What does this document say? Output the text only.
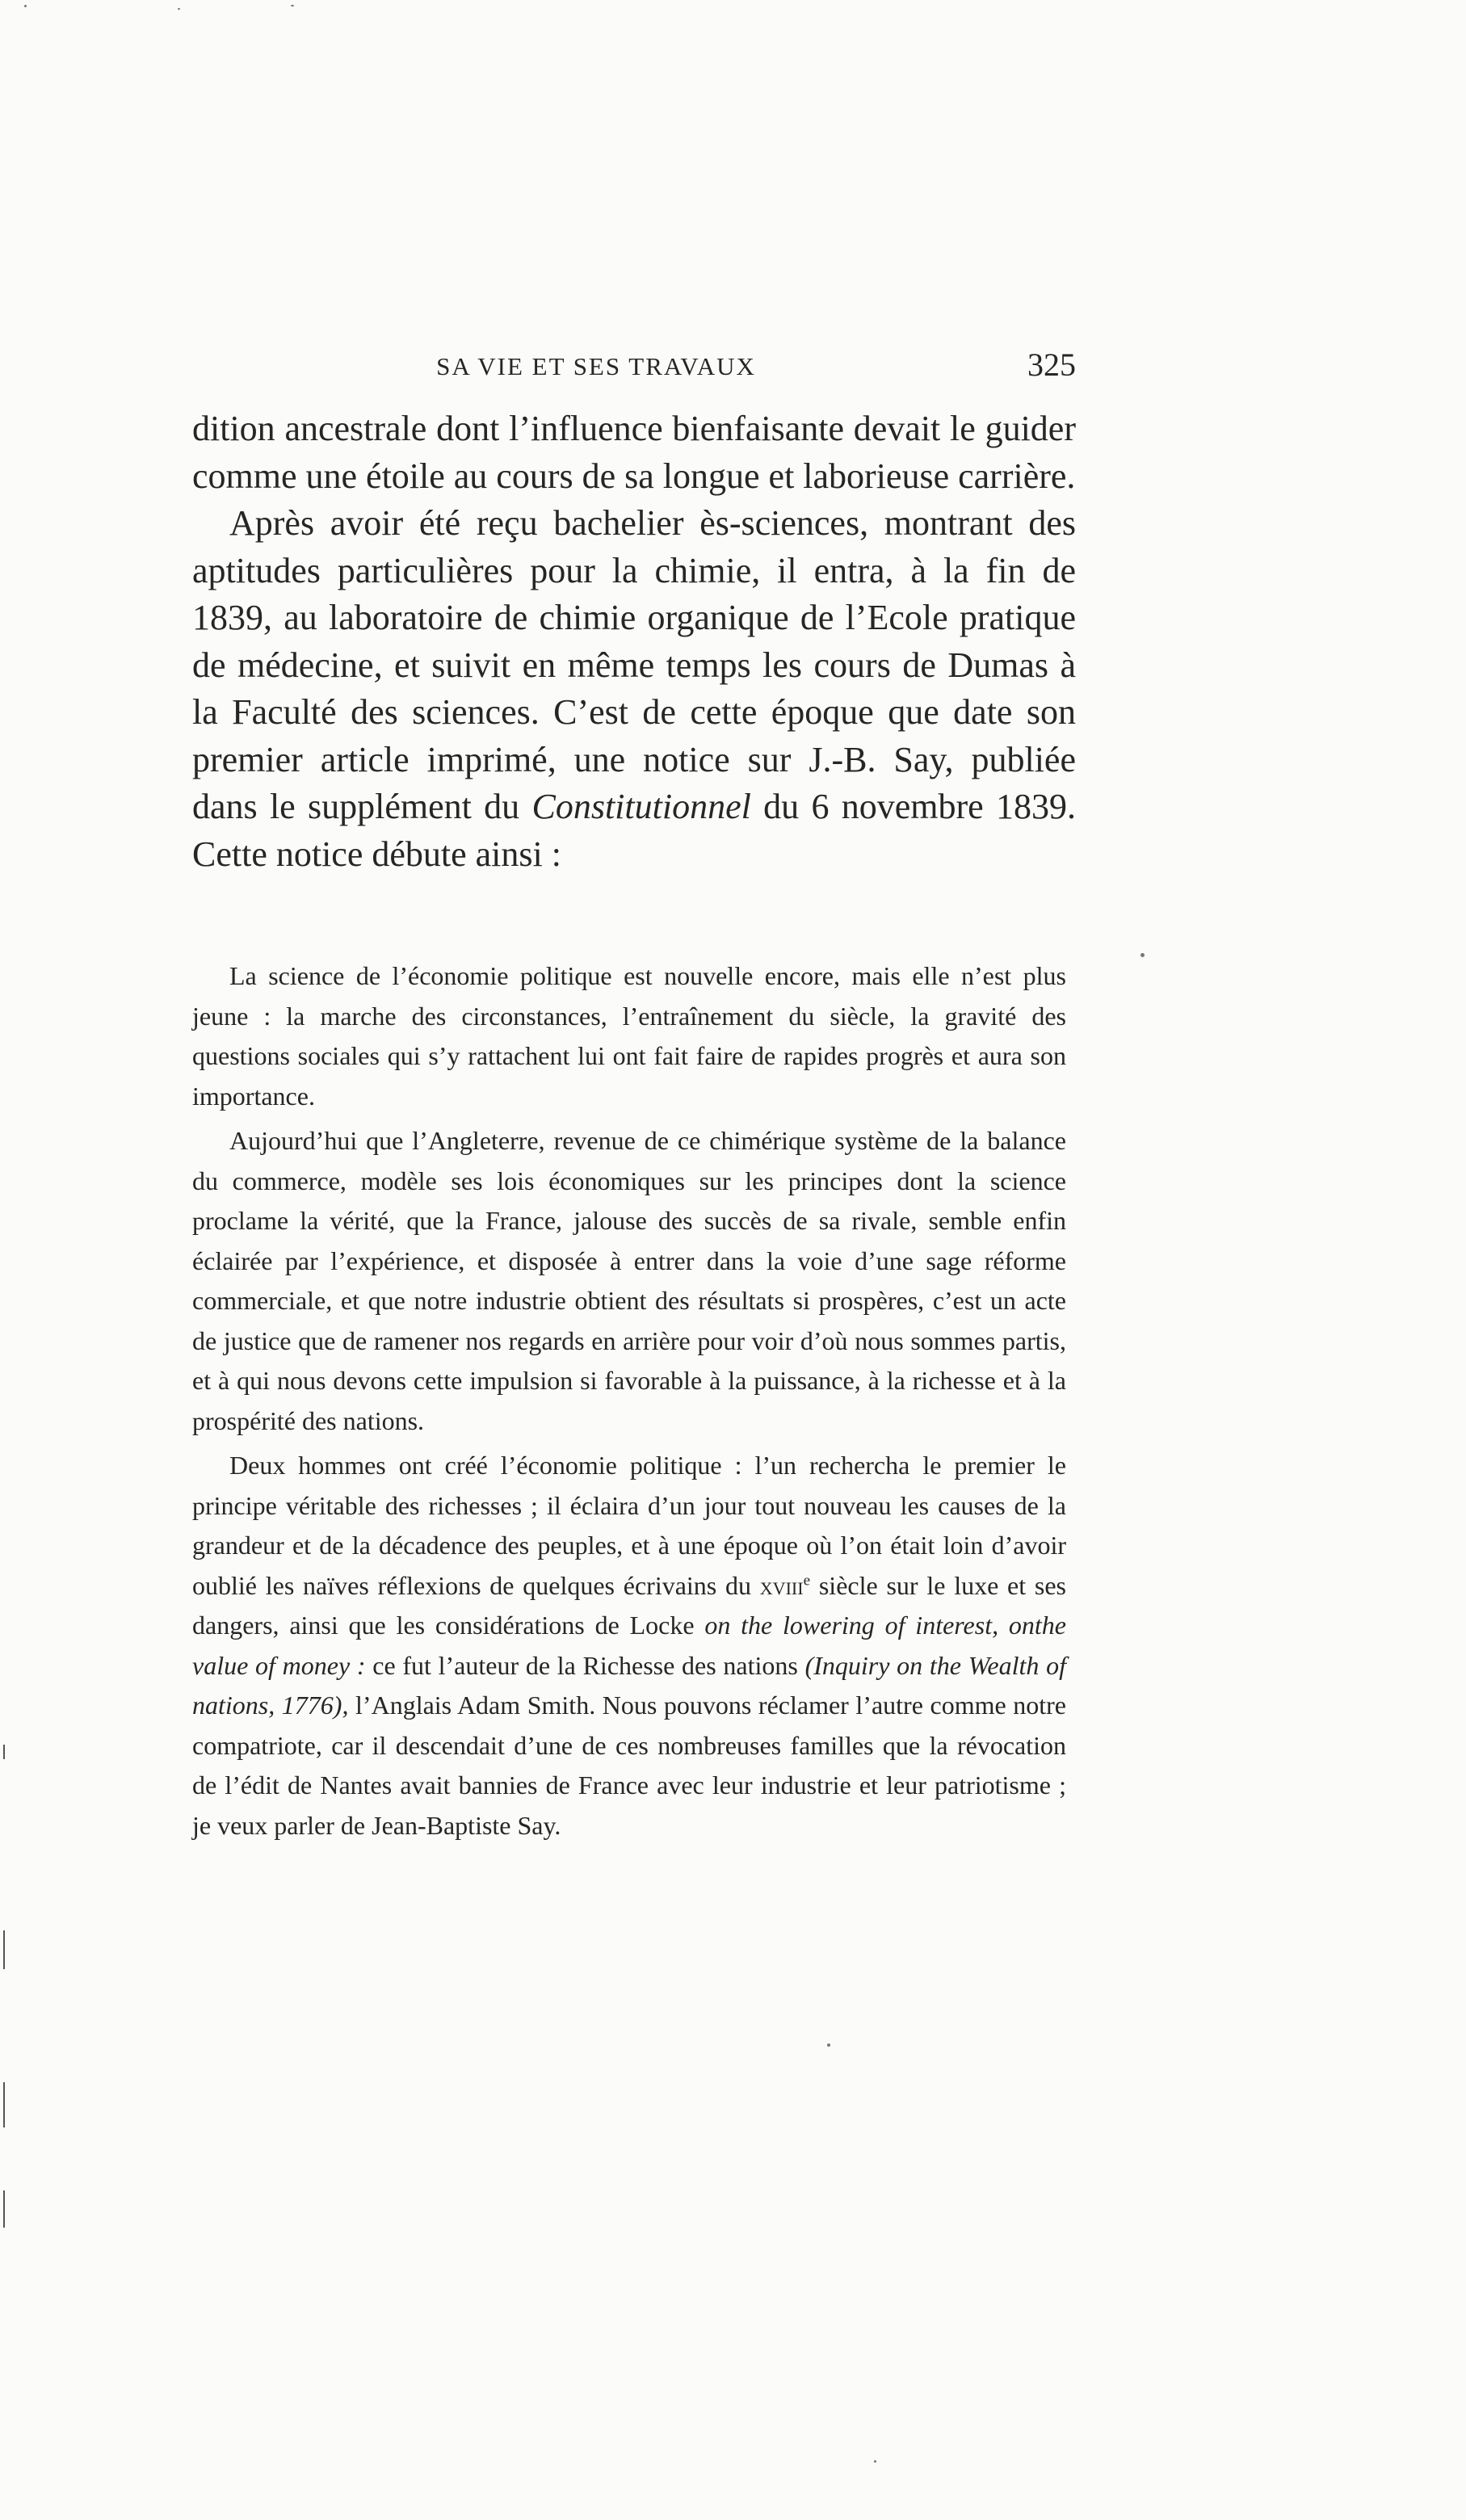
SA VIE ET SES TRAVAUX	325

dition ancestrale dont l’influence bienfaisante devait le guider comme une étoile au cours de sa longue et laborieuse carrière.

Après avoir été reçu bachelier ès-sciences, montrant des aptitudes particulières pour la chimie, il entra, à la fin de 1839, au laboratoire de chimie organique de l’Ecole pratique de médecine, et suivit en même temps les cours de Dumas à la Faculté des sciences. C’est de cette époque que date son premier article imprimé, une notice sur J.-B. Say, publiée dans le supplément du Constitutionnel du 6 novembre 1839. Cette notice débute ainsi :

La science de l’économie politique est nouvelle encore, mais elle n’est plus jeune : la marche des circonstances, l’entraînement du siècle, la gravité des questions sociales qui s’y rattachent lui ont fait faire de rapides progrès et aura son importance.

Aujourd’hui que l’Angleterre, revenue de ce chimérique système de la balance du commerce, modèle ses lois économiques sur les principes dont la science proclame la vérité, que la France, jalouse des succès de sa rivale, semble enfin éclairée par l’expérience, et disposée à entrer dans la voie d’une sage réforme commerciale, et que notre industrie obtient des résultats si prospères, c’est un acte de justice que de ramener nos regards en arrière pour voir d’où nous sommes partis, et à qui nous devons cette impulsion si favorable à la puissance, à la richesse et à la prospérité des nations.

Deux hommes ont créé l’économie politique : l’un rechercha le premier le principe véritable des richesses ; il éclaira d’un jour tout nouveau les causes de la grandeur et de la décadence des peuples, et à une époque où l’on était loin d’avoir oublié les naïves réflexions de quelques écrivains du xviii$^e$ siècle sur le luxe et ses dangers, ainsi que les considérations de Locke on the lowering of interest, onthe value of money : ce fut l’auteur de la Richesse des nations (Inquiry on the Wealth of nations, 1776), l’Anglais Adam Smith. Nous pouvons réclamer l’autre comme notre compatriote, car il descendait d’une de ces nombreuses familles que la révocation de l’édit de Nantes avait bannies de France avec leur industrie et leur patriotisme ; je veux parler de Jean-Baptiste Say.
